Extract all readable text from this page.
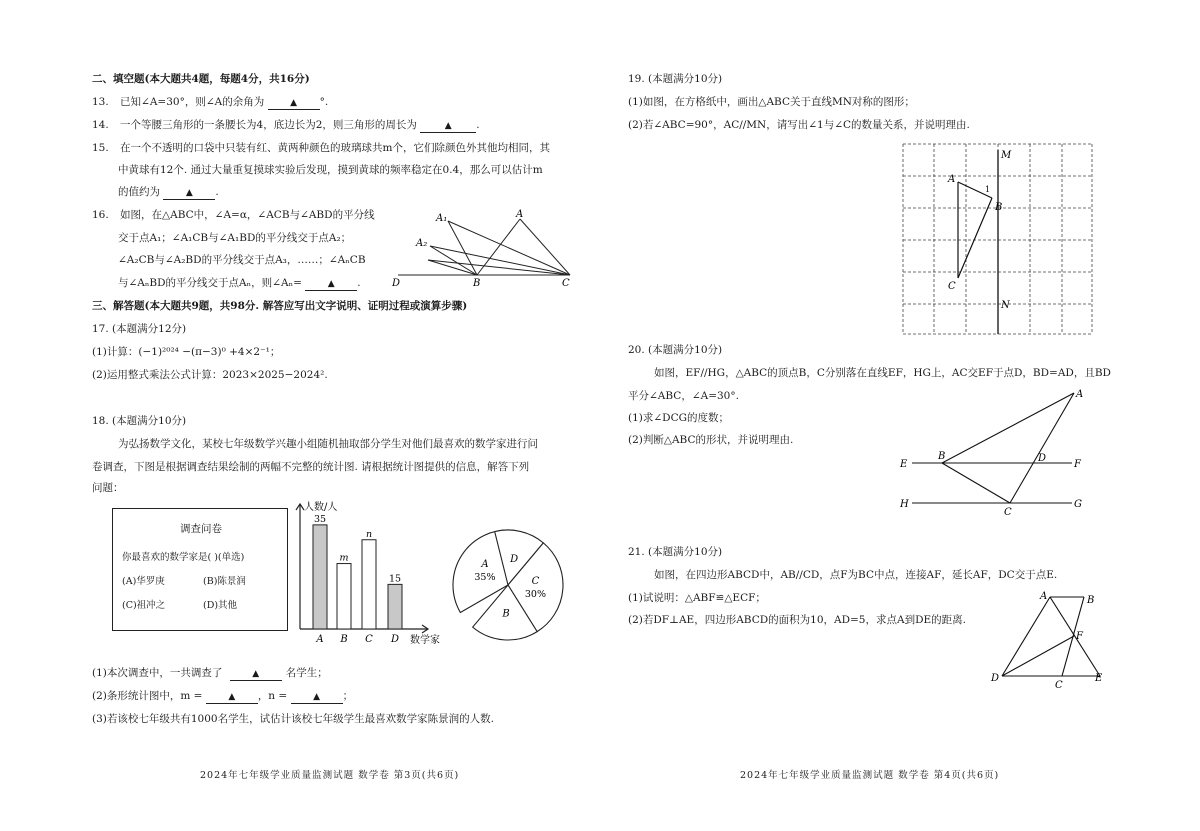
二、填空题(本大题共4题，每题4分，共16分)
13. 已知∠A=30°，则∠A的余角为	▲ °.
14. 一个等腰三角形的一条腰长为4，底边长为2，则三角形的周长为	▲ .
15. 在一个不透明的口袋中只装有红、黄两种颜色的玻璃球共m个，它们除颜色外其他均相同，其
中黄球有12个. 通过大量重复摸球实验后发现，摸到黄球的频率稳定在0.4，那么可以估计m
的值约为	▲ .
16. 如图，在△ABC中，∠A=α，∠ACB与∠ABD的平分线
交于点A₁；∠A₁CB与∠A₁BD的平分线交于点A₂；
∠A₂CB与∠A₂BD的平分线交于点A₃，……；∠AₙCB
与∠AₙBD的平分线交于点Aₙ，则∠Aₙ=	▲ .
A₁	A
A₂
D	B	C
三、解答题(本大题共9题，共98分. 解答应写出文字说明、证明过程或演算步骤)
17. (本题满分12分)
(1)计算：(−1)²⁰²⁴ −(π−3)⁰ +4×2⁻¹；
(2)运用整式乘法公式计算：2023×2025−2024².
18. (本题满分10分)
为弘扬数学文化，某校七年级数学兴趣小组随机抽取部分学生对他们最喜欢的数学家进行问
卷调查，下图是根据调查结果绘制的两幅不完整的统计图. 请根据统计图提供的信息，解答下列
问题：
调查问卷
你最喜欢的数学家是( )(单选)
(A)华罗庚	(B)陈景润
(C)祖冲之	(D)其他
人数/人
数学家
35
A
m
B
n
C
15
D
A
35%
D
C
30%
B
(1)本次调查中，一共调查了	▲	名学生；
(2)条形统计图中，m =	▲ ，n =	▲ ；
(3)若该校七年级共有1000名学生，试估计该校七年级学生最喜欢数学家陈景润的人数.
2024年七年级学业质量监测试题 数学卷 第3页(共6页)
19. (本题满分10分)
(1)如图，在方格纸中，画出△ABC关于直线MN对称的图形；
(2)若∠ABC=90°，AC//MN，请写出∠1与∠C的数量关系，并说明理由.
M
A
1
B
C
N
20. (本题满分10分)
如图，EF//HG，△ABC的顶点B，C分别落在直线EF，HG上，AC交EF于点D，BD=AD，且BD
平分∠ABC，∠A=30°.
(1)求∠DCG的度数；
(2)判断△ABC的形状，并说明理由.
A
E
B	D
F
H
C
G
21. (本题满分10分)
如图，在四边形ABCD中，AB//CD，点F为BC中点，连接AF，延长AF，DC交于点E.
(1)试说明：△ABF≌△ECF；
(2)若DF⊥AE，四边形ABCD的面积为10，AD=5，求点A到DE的距离.
A	B
F
D
C
E
2024年七年级学业质量监测试题 数学卷 第4页(共6页)
